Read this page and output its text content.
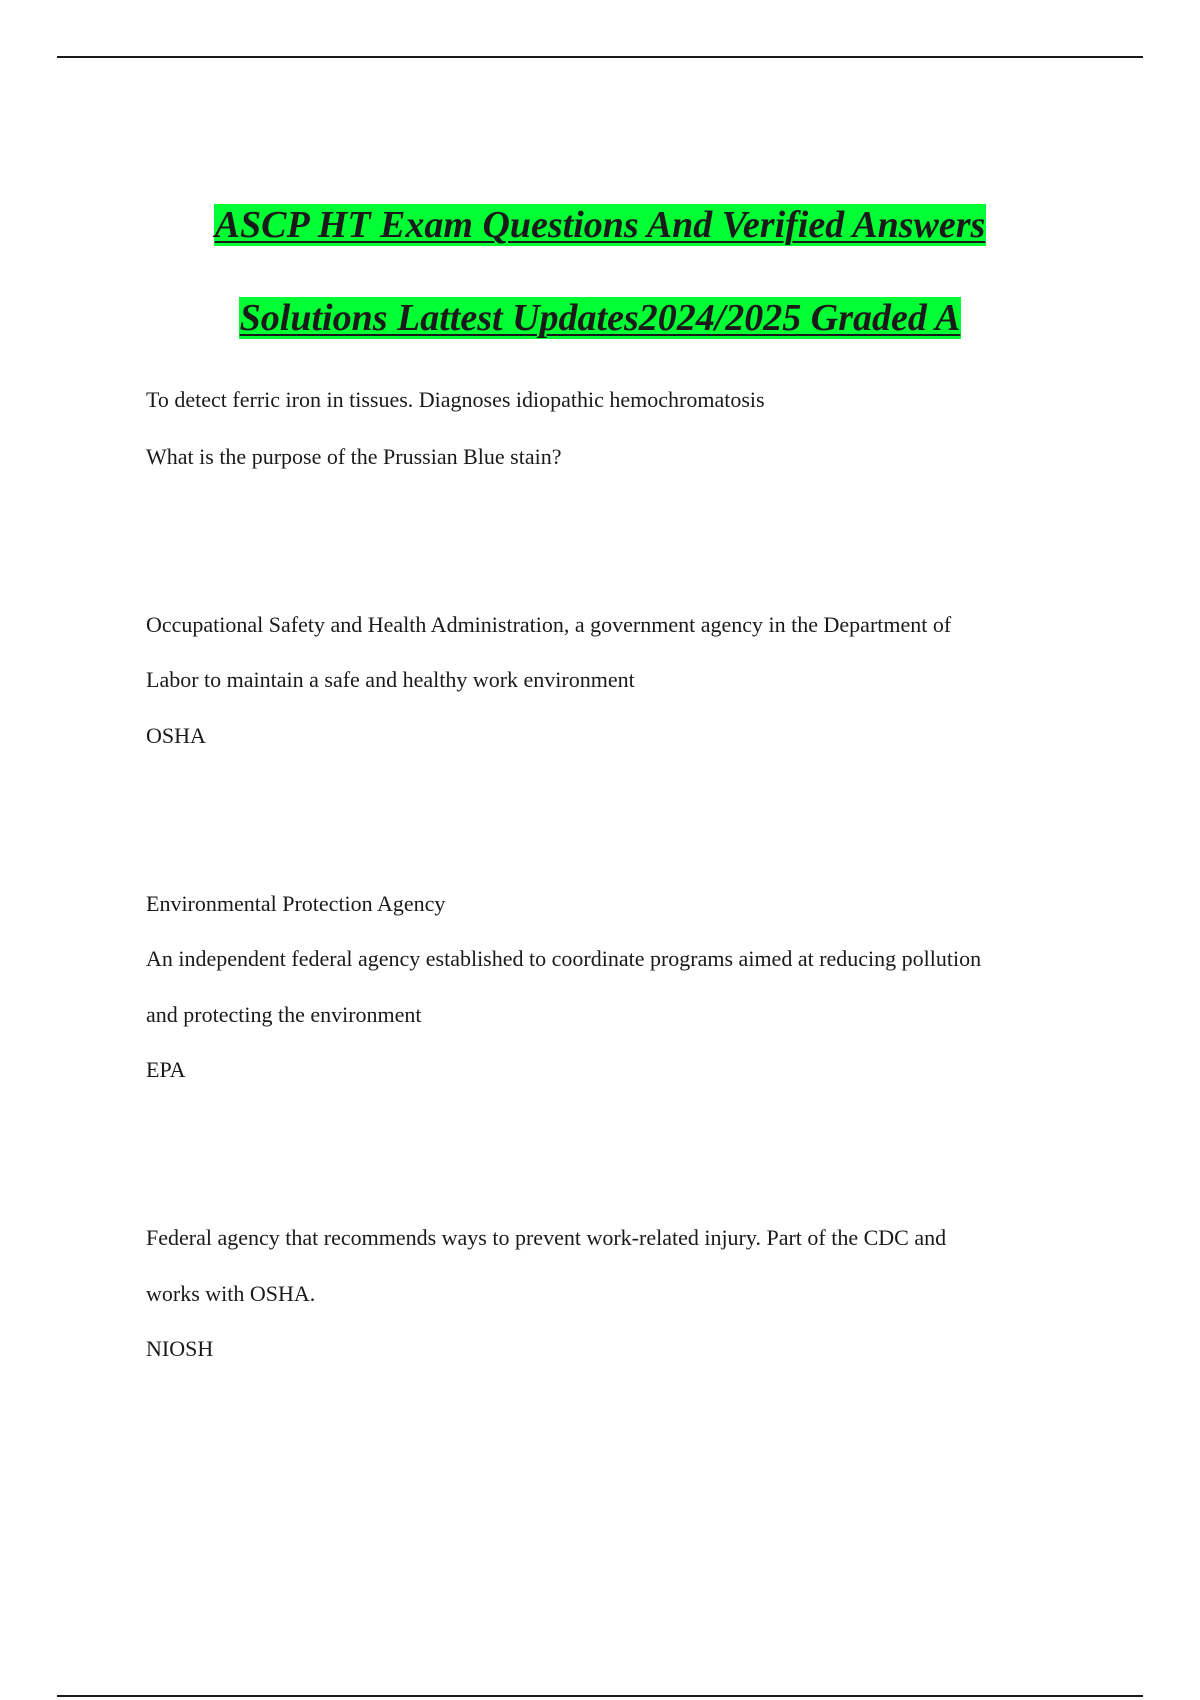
ASCP HT Exam Questions And Verified Answers
Solutions Lattest Updates2024/2025 Graded A
To detect ferric iron in tissues. Diagnoses idiopathic hemochromatosis
What is the purpose of the Prussian Blue stain?
Occupational Safety and Health Administration, a government agency in the Department of
Labor to maintain a safe and healthy work environment
OSHA
Environmental Protection Agency
An independent federal agency established to coordinate programs aimed at reducing pollution
and protecting the environment
EPA
Federal agency that recommends ways to prevent work-related injury. Part of the CDC and
works with OSHA.
NIOSH
